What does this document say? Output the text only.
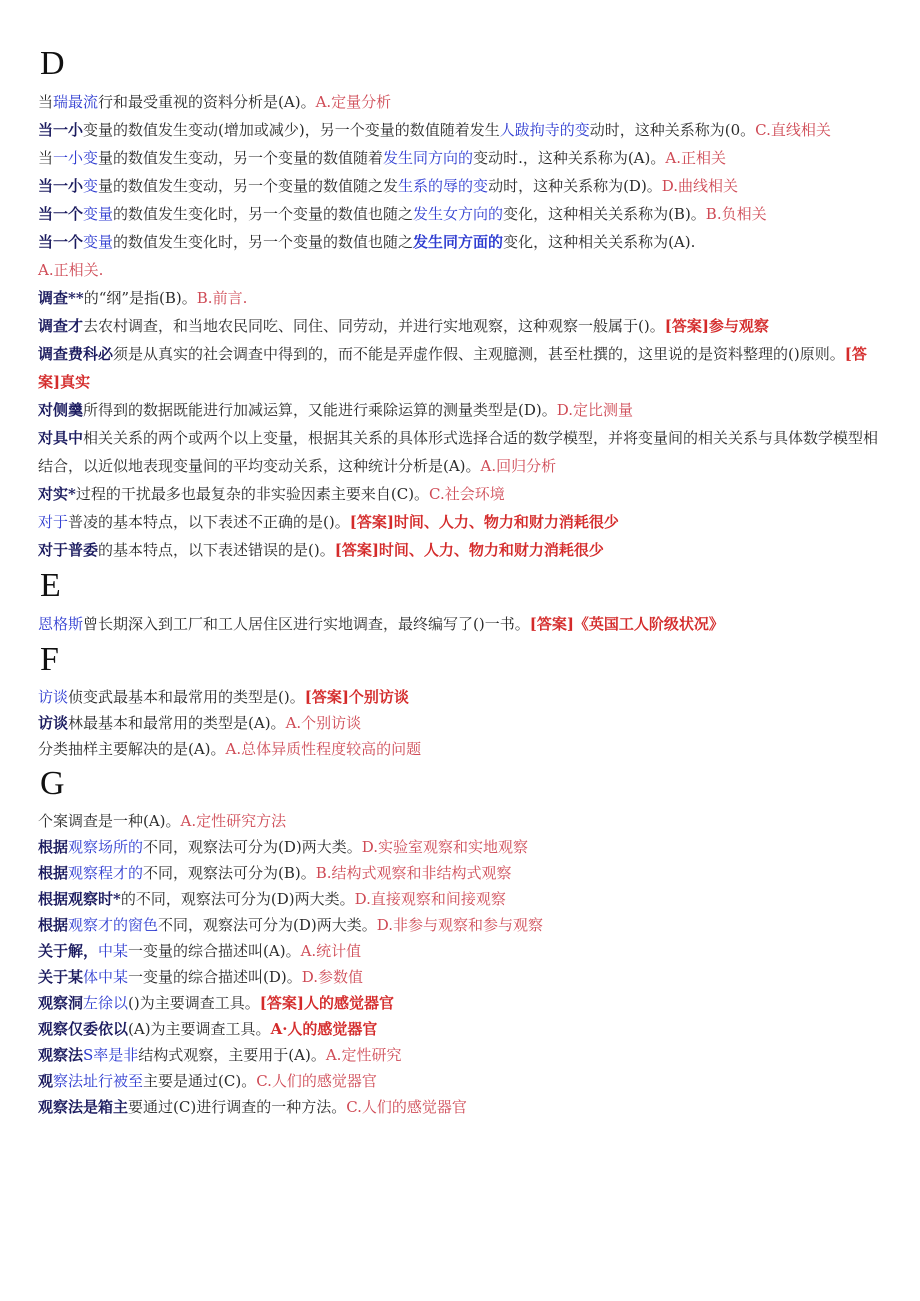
D

当瑞最流行和最受重视的资料分析是(A)。A.定量分析

当一小变量的数值发生变动(增加或减少)，另一个变量的数值随着发生人跋拘寺的变动时，这种关系称为(0。C.直线相关

当一小变量的数值发生变动，另一个变量的数值随着发生同方向的变动时.，这种关系称为(A)。A.正相关

当一小变量的数值发生变动，另一个变量的数值随之发生系的辱的变动时，这种关系称为(D)。D.曲线相关

当一个变量的数值发生变化时，另一个变量的数值也随之发生女方向的变化，这种相关关系称为(B)。B.负相关

当一个变量的数值发生变化时，另一个变量的数值也随之发生同方面的变化，这种相关关系称为(A).
A.正相关.

调查**的“纲”是指(B)。B.前言.

调查才去农村调查，和当地农民同吃、同住、同劳动，并进行实地观察，这种观察一般属于()。[答案]参与观察

调查费科必须是从真实的社会调查中得到的，而不能是弄虚作假、主观臆测，甚至杜撰的，这里说的是资料整理的()原则。[答案]真实

对侧羹所得到的数据既能进行加减运算，又能进行乘除运算的测量类型是(D)。D.定比测量

对具中相关关系的两个或两个以上变量，根据其关系的具体形式选择合适的数学模型，并将变量间的相关关系与具体数学模型相结合，以近似地表现变量间的平均变动关系，这种统计分析是(A)。A.回归分析

对实*过程的干扰最多也最复杂的非实验因素主要来自(C)。C.社会环境

对于普凌的基本特点，以下表述不正确的是()。[答案]时间、人力、物力和财力消耗很少

对于普委的基本特点，以下表述错误的是()。[答案]时间、人力、物力和财力消耗很少

E

恩格斯曾长期深入到工厂和工人居住区进行实地调查，最终编写了()一书。[答案]《英国工人阶级状况》

F

访谈侦变武最基本和最常用的类型是()。[答案]个别访谈

访谈林最基本和最常用的类型是(A)。A.个别访谈

分类抽样主要解决的是(A)。A.总体异质性程度较高的问题

G

个案调查是一种(A)。A.定性研究方法

根据观察场所的不同，观察法可分为(D)两大类。D.实验室观察和实地观察

根据观察程才的不同，观察法可分为(B)。B.结构式观察和非结构式观察

根据观察时*的不同，观察法可分为(D)两大类。D.直接观察和间接观察

根据观察才的窗色不同，观察法可分为(D)两大类。D.非参与观察和参与观察

关于解，中某一变量的综合描述叫(A)。A.统计值

关于某体中某一变量的综合描述叫(D)。D.参数值

观察洞左徐以()为主要调查工具。[答案]人的感觉器官

观察仅委依以(A)为主要调查工具。A·人的感觉器官

观察法S率是非结构式观察，主要用于(A)。A.定性研究

观察法址行被至主要是通过(C)。C.人们的感觉器官

观察法是箱主要通过(C)进行调查的一种方法。C.人们的感觉器官
